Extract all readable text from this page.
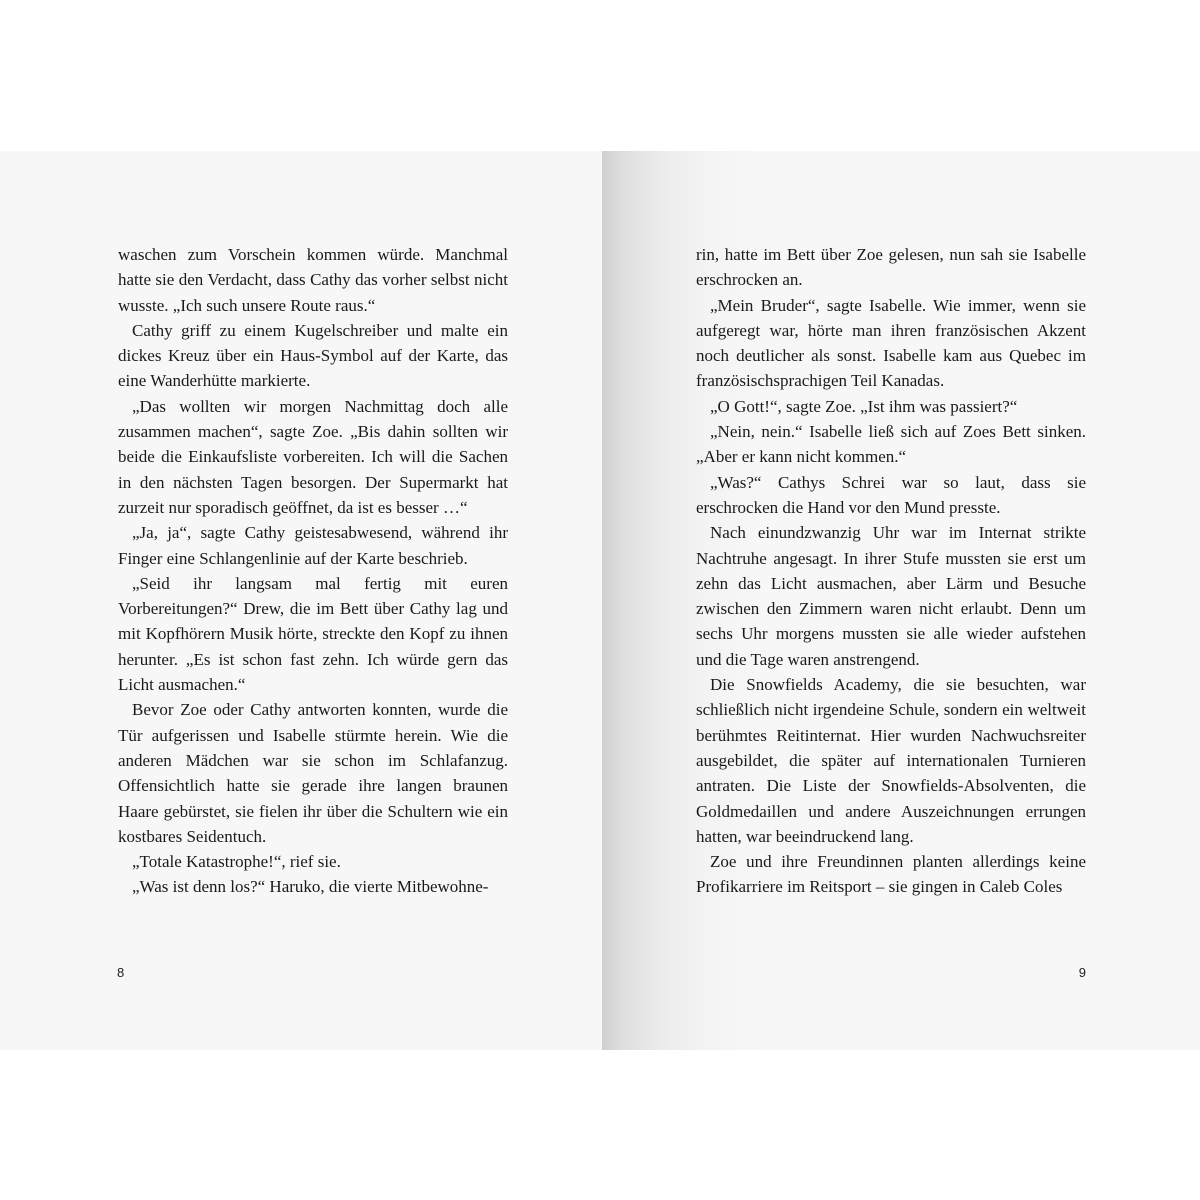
waschen zum Vorschein kommen würde. Manchmal hatte sie den Verdacht, dass Cathy das vorher selbst nicht wusste. „Ich such unsere Route raus.“

Cathy griff zu einem Kugelschreiber und malte ein dickes Kreuz über ein Haus-Symbol auf der Karte, das eine Wanderhütte markierte.

„Das wollten wir morgen Nachmittag doch alle zusammen machen“, sagte Zoe. „Bis dahin sollten wir beide die Einkaufsliste vorbereiten. Ich will die Sachen in den nächsten Tagen besorgen. Der Supermarkt hat zurzeit nur sporadisch geöffnet, da ist es besser …“

„Ja, ja“, sagte Cathy geistesabwesend, während ihr Finger eine Schlangenlinie auf der Karte beschrieb.

„Seid ihr langsam mal fertig mit euren Vorbereitungen?“ Drew, die im Bett über Cathy lag und mit Kopfhörern Musik hörte, streckte den Kopf zu ihnen herunter. „Es ist schon fast zehn. Ich würde gern das Licht ausmachen.“

Bevor Zoe oder Cathy antworten konnten, wurde die Tür aufgerissen und Isabelle stürmte herein. Wie die anderen Mädchen war sie schon im Schlafanzug. Offensichtlich hatte sie gerade ihre langen braunen Haare gebürstet, sie fielen ihr über die Schultern wie ein kostbares Seidentuch.

„Totale Katastrophe!“, rief sie.

„Was ist denn los?“ Haruko, die vierte Mitbewohne-

8

rin, hatte im Bett über Zoe gelesen, nun sah sie Isabelle erschrocken an.

„Mein Bruder“, sagte Isabelle. Wie immer, wenn sie aufgeregt war, hörte man ihren französischen Akzent noch deutlicher als sonst. Isabelle kam aus Quebec im französischsprachigen Teil Kanadas.

„O Gott!“, sagte Zoe. „Ist ihm was passiert?“

„Nein, nein.“ Isabelle ließ sich auf Zoes Bett sinken. „Aber er kann nicht kommen.“

„Was?“ Cathys Schrei war so laut, dass sie erschrocken die Hand vor den Mund presste.

Nach einundzwanzig Uhr war im Internat strikte Nachtruhe angesagt. In ihrer Stufe mussten sie erst um zehn das Licht ausmachen, aber Lärm und Besuche zwischen den Zimmern waren nicht erlaubt. Denn um sechs Uhr morgens mussten sie alle wieder aufstehen und die Tage waren anstrengend.

Die Snowfields Academy, die sie besuchten, war schließlich nicht irgendeine Schule, sondern ein weltweit berühmtes Reitinternat. Hier wurden Nachwuchsreiter ausgebildet, die später auf internationalen Turnieren antraten. Die Liste der Snowfields-Absolventen, die Goldmedaillen und andere Auszeichnungen errungen hatten, war beeindruckend lang.

Zoe und ihre Freundinnen planten allerdings keine Profikarriere im Reitsport – sie gingen in Caleb Coles

9
